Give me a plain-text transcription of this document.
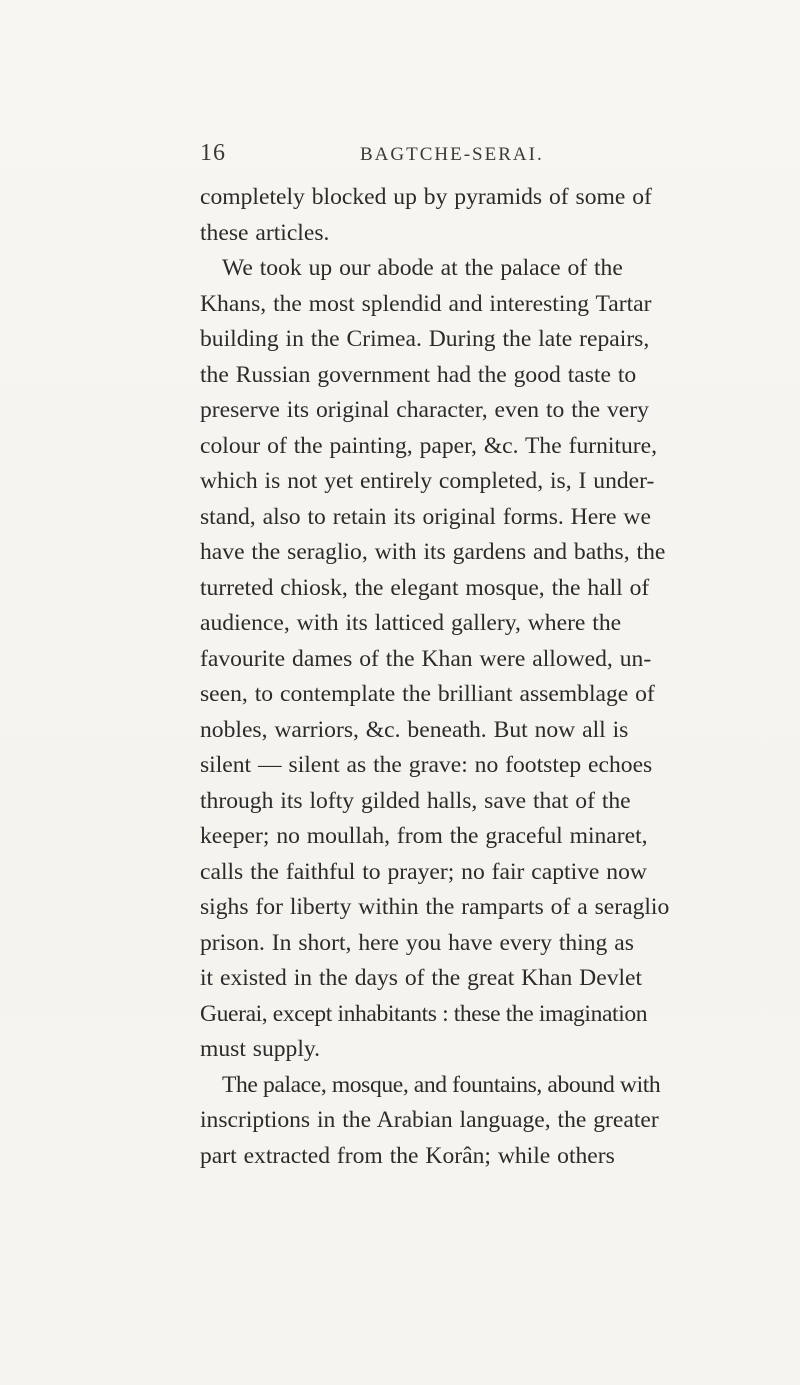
16	BAGTCHE-SERAI.
completely blocked up by pyramids of some of
these articles.
We took up our abode at the palace of the
Khans, the most splendid and interesting Tartar
building in the Crimea. During the late repairs,
the Russian government had the good taste to
preserve its original character, even to the very
colour of the painting, paper, &c. The furniture,
which is not yet entirely completed, is, I under-
stand, also to retain its original forms. Here we
have the seraglio, with its gardens and baths, the
turreted chiosk, the elegant mosque, the hall of
audience, with its latticed gallery, where the
favourite dames of the Khan were allowed, un-
seen, to contemplate the brilliant assemblage of
nobles, warriors, &c. beneath. But now all is
silent — silent as the grave: no footstep echoes
through its lofty gilded halls, save that of the
keeper; no moullah, from the graceful minaret,
calls the faithful to prayer; no fair captive now
sighs for liberty within the ramparts of a seraglio
prison. In short, here you have every thing as
it existed in the days of the great Khan Devlet
Guerai, except inhabitants : these the imagination
must supply.
The palace, mosque, and fountains, abound with
inscriptions in the Arabian language, the greater
part extracted from the Korân; while others
